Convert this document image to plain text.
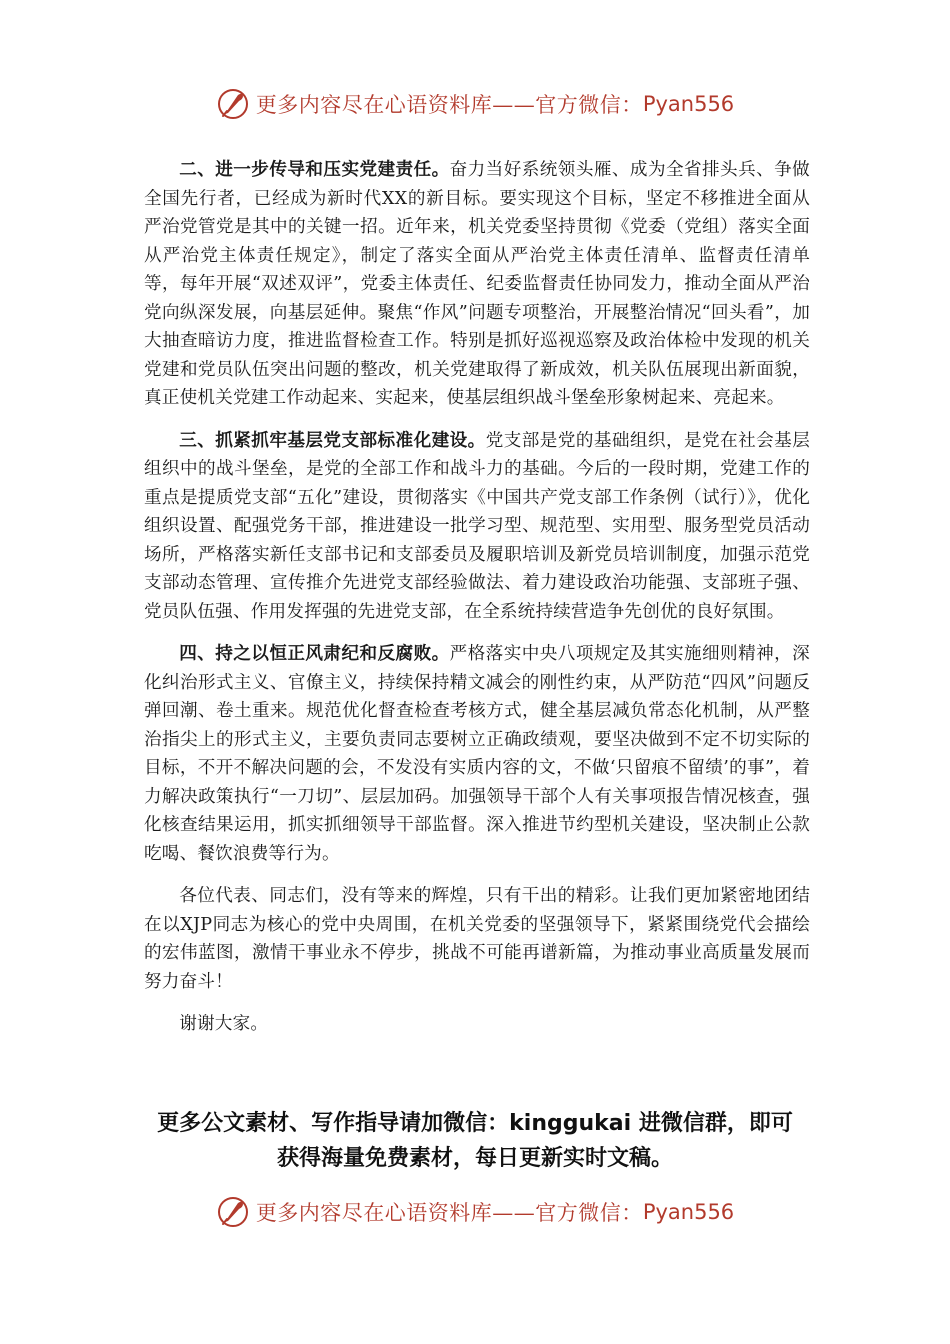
更多内容尽在心语资料库——官方微信： Pyan556

二、进一步传导和压实党建责任。奋力当好系统领头雁、成为全省排头兵、争做全国先行者，已经成为新时代XX的新目标。要实现这个目标，坚定不移推进全面从严治党管党是其中的关键一招。近年来，机关党委坚持贯彻《党委（党组）落实全面从严治党主体责任规定》，制定了落实全面从严治党主体责任清单、监督责任清单等，每年开展“双述双评”，党委主体责任、纪委监督责任协同发力，推动全面从严治党向纵深发展，向基层延伸。聚焦“作风”问题专项整治，开展整治情况“回头看”，加大抽查暗访力度，推进监督检查工作。特别是抓好巡视巡察及政治体检中发现的机关党建和党员队伍突出问题的整改，机关党建取得了新成效，机关队伍展现出新面貌，真正使机关党建工作动起来、实起来，使基层组织战斗堡垒形象树起来、亮起来。

三、抓紧抓牢基层党支部标准化建设。党支部是党的基础组织，是党在社会基层组织中的战斗堡垒，是党的全部工作和战斗力的基础。今后的一段时期，党建工作的重点是提质党支部“五化”建设，贯彻落实《中国共产党支部工作条例（试行）》，优化组织设置、配强党务干部，推进建设一批学习型、规范型、实用型、服务型党员活动场所，严格落实新任支部书记和支部委员及履职培训及新党员培训制度，加强示范党支部动态管理、宣传推介先进党支部经验做法、着力建设政治功能强、支部班子强、党员队伍强、作用发挥强的先进党支部，在全系统持续营造争先创优的良好氛围。

四、持之以恒正风肃纪和反腐败。严格落实中央八项规定及其实施细则精神，深化纠治形式主义、官僚主义，持续保持精文减会的刚性约束，从严防范“四风”问题反弹回潮、卷土重来。规范优化督查检查考核方式，健全基层减负常态化机制，从严整治指尖上的形式主义，主要负责同志要树立正确政绩观，要坚决做到不定不切实际的目标，不开不解决问题的会，不发没有实质内容的文，不做‘只留痕不留绩’的事”，着力解决政策执行“一刀切”、层层加码。加强领导干部个人有关事项报告情况核查，强化核查结果运用，抓实抓细领导干部监督。深入推进节约型机关建设，坚决制止公款吃喝、餐饮浪费等行为。

各位代表、同志们，没有等来的辉煌，只有干出的精彩。让我们更加紧密地团结在以XJP同志为核心的党中央周围，在机关党委的坚强领导下，紧紧围绕党代会描绘的宏伟蓝图，激情干事业永不停步，挑战不可能再谱新篇，为推动事业高质量发展而努力奋斗！

谢谢大家。

更多公文素材、写作指导请加微信：kinggukai 进微信群，即可
获得海量免费素材，每日更新实时文稿。
更多内容尽在心语资料库——官方微信： Pyan556
